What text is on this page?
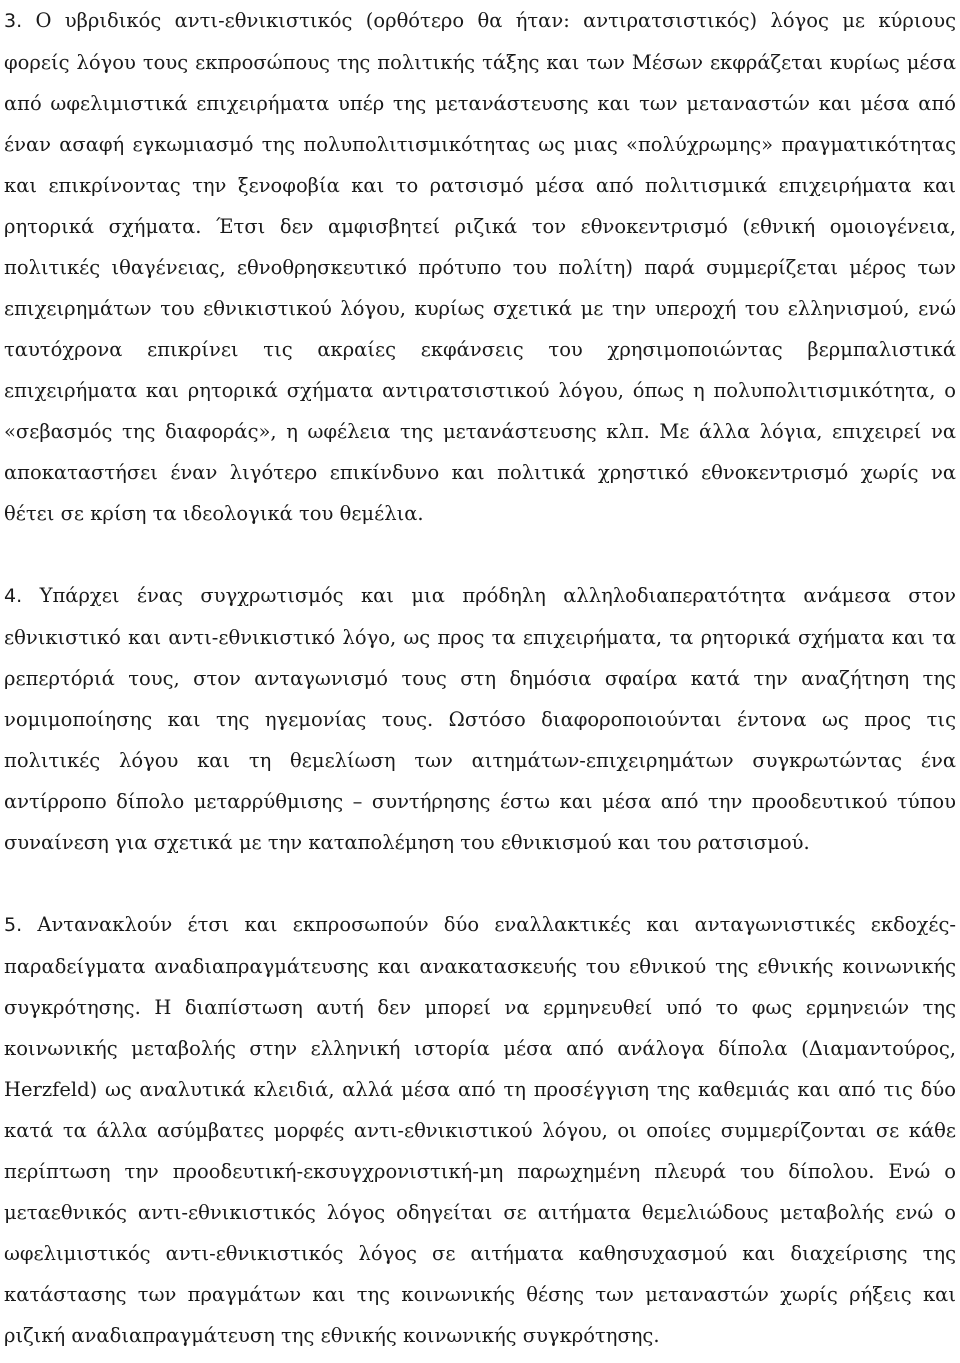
3. Ο υβριδικός αντι-εθνικιστικός (ορθότερο θα ήταν: αντιρατσιστικός) λόγος με κύριους φορείς λόγου τους εκπροσώπους της πολιτικής τάξης και των Μέσων εκφράζεται κυρίως μέσα από ωφελιμιστικά επιχειρήματα υπέρ της μετανάστευσης και των μεταναστών και μέσα από έναν ασαφή εγκωμιασμό της πολυπολιτισμικότητας ως μιας «πολύχρωμης» πραγματικότητας και επικρίνοντας την ξενοφοβία και το ρατσισμό μέσα από πολιτισμικά επιχειρήματα και ρητορικά σχήματα. Έτσι δεν αμφισβητεί ριζικά τον εθνοκεντρισμό (εθνική ομοιογένεια, πολιτικές ιθαγένειας, εθνοθρησκευτικό πρότυπο του πολίτη) παρά συμμερίζεται μέρος των επιχειρημάτων του εθνικιστικού λόγου, κυρίως σχετικά με την υπεροχή του ελληνισμού, ενώ ταυτόχρονα επικρίνει τις ακραίες εκφάνσεις του χρησιμοποιώντας βερμπαλιστικά επιχειρήματα και ρητορικά σχήματα αντιρατσιστικού λόγου, όπως η πολυπολιτισμικότητα, ο «σεβασμός της διαφοράς», η ωφέλεια της μετανάστευσης κλπ. Με άλλα λόγια, επιχειρεί να αποκαταστήσει έναν λιγότερο επικίνδυνο και πολιτικά χρηστικό εθνοκεντρισμό χωρίς να θέτει σε κρίση τα ιδεολογικά του θεμέλια.

4. Υπάρχει ένας συγχρωτισμός και μια πρόδηλη αλληλοδιαπερατότητα ανάμεσα στον εθνικιστικό και αντι-εθνικιστικό λόγο, ως προς τα επιχειρήματα, τα ρητορικά σχήματα και τα ρεπερτόριά τους, στον ανταγωνισμό τους στη δημόσια σφαίρα κατά την αναζήτηση της νομιμοποίησης και της ηγεμονίας τους. Ωστόσο διαφοροποιούνται έντονα ως προς τις πολιτικές λόγου και τη θεμελίωση των αιτημάτων-επιχειρημάτων συγκρωτώντας ένα αντίρροπο δίπολο μεταρρύθμισης – συντήρησης έστω και μέσα από την προοδευτικού τύπου συναίνεση για σχετικά με την καταπολέμηση του εθνικισμού και του ρατσισμού.

5. Αντανακλούν έτσι και εκπροσωπούν δύο εναλλακτικές και ανταγωνιστικές εκδοχές-παραδείγματα αναδιαπραγμάτευσης και ανακατασκευής του εθνικού της εθνικής κοινωνικής συγκρότησης. Η διαπίστωση αυτή δεν μπορεί να ερμηνευθεί υπό το φως ερμηνειών της κοινωνικής μεταβολής στην ελληνική ιστορία μέσα από ανάλογα δίπολα (Διαμαντούρος, Herzfeld) ως αναλυτικά κλειδιά, αλλά μέσα από τη προσέγγιση της καθεμιάς και από τις δύο κατά τα άλλα ασύμβατες μορφές αντι-εθνικιστικού λόγου, οι οποίες συμμερίζονται σε κάθε περίπτωση την προοδευτική-εκσυγχρονιστική-μη παρωχημένη πλευρά του δίπολου. Ενώ ο μεταεθνικός αντι-εθνικιστικός λόγος οδηγείται σε αιτήματα θεμελιώδους μεταβολής ενώ ο ωφελιμιστικός αντι-εθνικιστικός λόγος σε αιτήματα καθησυχασμού και διαχείρισης της κατάστασης των πραγμάτων και της κοινωνικής θέσης των μεταναστών χωρίς ρήξεις και ριζική αναδιαπραγμάτευση της εθνικής κοινωνικής συγκρότησης.
